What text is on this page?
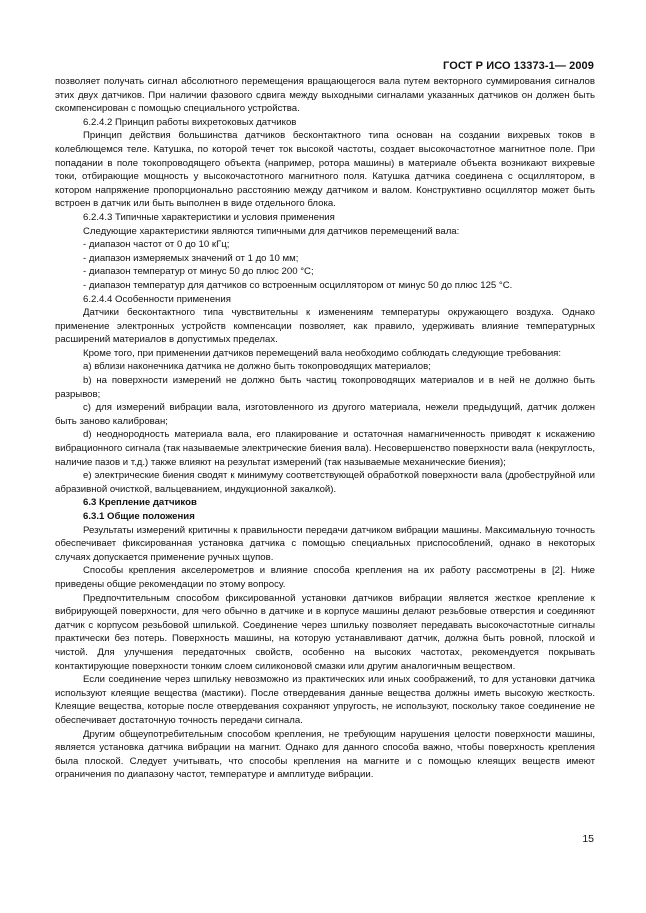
ГОСТ Р ИСО 13373-1— 2009

позволяет получать сигнал абсолютного перемещения вращающегося вала путем векторного суммирования сигналов этих двух датчиков. При наличии фазового сдвига между выходными сигналами указанных датчиков он должен быть скомпенсирован с помощью специального устройства.

6.2.4.2 Принцип работы вихретоковых датчиков

Принцип действия большинства датчиков бесконтактного типа основан на создании вихревых токов в колеблющемся теле. Катушка, по которой течет ток высокой частоты, создает высокочастотное магнитное поле. При попадании в поле токопроводящего объекта (например, ротора машины) в материале объекта возникают вихревые токи, отбирающие мощность у высокочастотного магнитного поля. Катушка датчика соединена с осциллятором, в котором напряжение пропорционально расстоянию между датчиком и валом. Конструктивно осциллятор может быть встроен в датчик или быть выполнен в виде отдельного блока.

6.2.4.3 Типичные характеристики и условия применения

Следующие характеристики являются типичными для датчиков перемещений вала:

- диапазон частот от 0 до 10 кГц;

- диапазон измеряемых значений от 1 до 10 мм;

- диапазон температур от минус 50 до плюс 200 °С;

- диапазон температур для датчиков со встроенным осциллятором от минус 50 до плюс 125 °С.

6.2.4.4 Особенности применения

Датчики бесконтактного типа чувствительны к изменениям температуры окружающего воздуха. Однако применение электронных устройств компенсации позволяет, как правило, удерживать влияние температурных расширений материалов в допустимых пределах.

Кроме того, при применении датчиков перемещений вала необходимо соблюдать следующие требования:

а) вблизи наконечника датчика не должно быть токопроводящих материалов;

b) на поверхности измерений не должно быть частиц токопроводящих материалов и в ней не должно быть разрывов;

с) для измерений вибрации вала, изготовленного из другого материала, нежели предыдущий, датчик должен быть заново калиброван;

d) неоднородность материала вала, его плакирование и остаточная намагниченность приводят к искажению вибрационного сигнала (так называемые электрические биения вала). Несовершенство поверхности вала (некруглость, наличие пазов и т.д.) также влияют на результат измерений (так называемые механические биения);

е) электрические биения сводят к минимуму соответствующей обработкой поверхности вала (дробеструйной или абразивной очисткой, вальцеванием, индукционной закалкой).

6.3 Крепление датчиков

6.3.1 Общие положения

Результаты измерений критичны к правильности передачи датчиком вибрации машины. Максимальную точность обеспечивает фиксированная установка датчика с помощью специальных приспособлений, однако в некоторых случаях допускается применение ручных щупов.

Способы крепления акселерометров и влияние способа крепления на их работу рассмотрены в [2]. Ниже приведены общие рекомендации по этому вопросу.

Предпочтительным способом фиксированной установки датчиков вибрации является жесткое крепление к вибрирующей поверхности, для чего обычно в датчике и в корпусе машины делают резьбовые отверстия и соединяют датчик с корпусом резьбовой шпилькой. Соединение через шпильку позволяет передавать высокочастотные сигналы практически без потерь. Поверхность машины, на которую устанавливают датчик, должна быть ровной, плоской и чистой. Для улучшения передаточных свойств, особенно на высоких частотах, рекомендуется покрывать контактирующие поверхности тонким слоем силиконовой смазки или другим аналогичным веществом.

Если соединение через шпильку невозможно из практических или иных соображений, то для установки датчика используют клеящие вещества (мастики). После отвердевания данные вещества должны иметь высокую жесткость. Клеящие вещества, которые после отвердевания сохраняют упругость, не используют, поскольку такое соединение не обеспечивает достаточную точность передачи сигнала.

Другим общеупотребительным способом крепления, не требующим нарушения целости поверхности машины, является установка датчика вибрации на магнит. Однако для данного способа важно, чтобы поверхность крепления была плоской. Следует учитывать, что способы крепления на магните и с помощью клеящих веществ имеют ограничения по диапазону частот, температуре и амплитуде вибрации.

15
